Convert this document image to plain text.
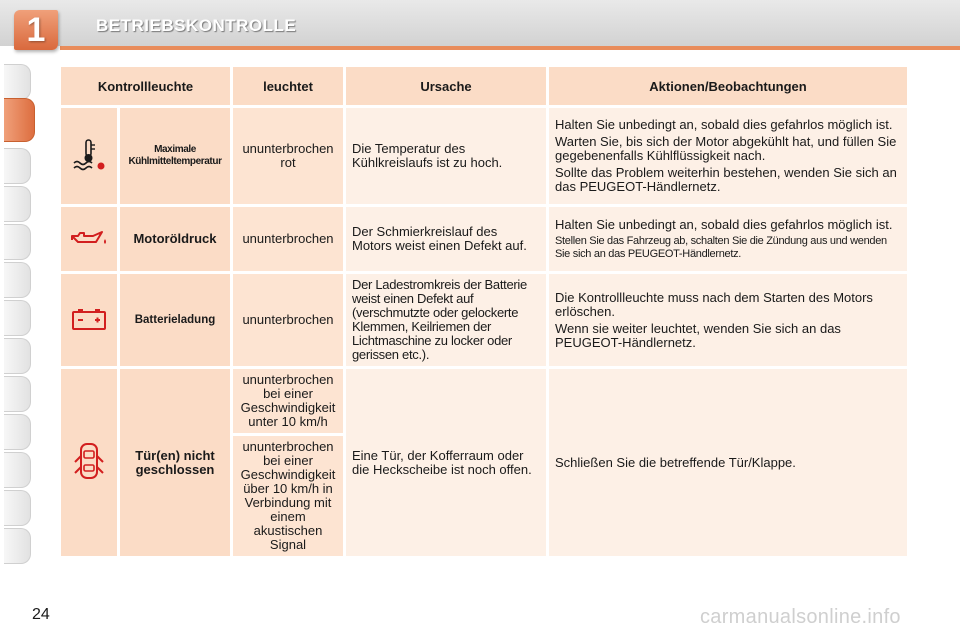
1	BETRIEBSKONTROLLE
Kontrollleuchte		leuchtet	Ursache	Aktionen/Beobachtungen
	Maximale Kühlmitteltemperatur	ununterbrochen rot	Die Temperatur des Kühlkreislaufs ist zu hoch.	Halten Sie unbedingt an, sobald dies gefahrlos möglich ist.

Warten Sie, bis sich der Motor abgekühlt hat, und füllen Sie gegebenenfalls Kühlflüssigkeit nach.

Sollte das Problem weiterhin bestehen, wenden Sie sich an das PEUGEOT-Händlernetz.

	Motoröldruck	ununterbrochen	Der Schmierkreislauf des Motors weist einen Defekt auf.	Halten Sie unbedingt an, sobald dies gefahrlos möglich ist.

Stellen Sie das Fahrzeug ab, schalten Sie die Zündung aus und wenden Sie sich an das PEUGEOT-Händlernetz.

	Batterieladung	ununterbrochen	Der Ladestromkreis der Batterie weist einen Defekt auf (verschmutzte oder gelockerte Klemmen, Keilriemen der Lichtmaschine zu locker oder gerissen etc.).	Die Kontrollleuchte muss nach dem Starten des Motors erlöschen.

Wenn sie weiter leuchtet, wenden Sie sich an das PEUGEOT-Händlernetz.

	Tür(en) nicht geschlossen	ununterbrochen bei einer Geschwindigkeit unter 10 km/h	Eine Tür, der Kofferraum oder die Heckscheibe ist noch offen.	Schließen Sie die betreffende Tür/Klappe.

		ununterbrochen bei einer Geschwindigkeit über 10 km/h in Verbindung mit einem akustischen Signal		
24	carmanualsonline.info
